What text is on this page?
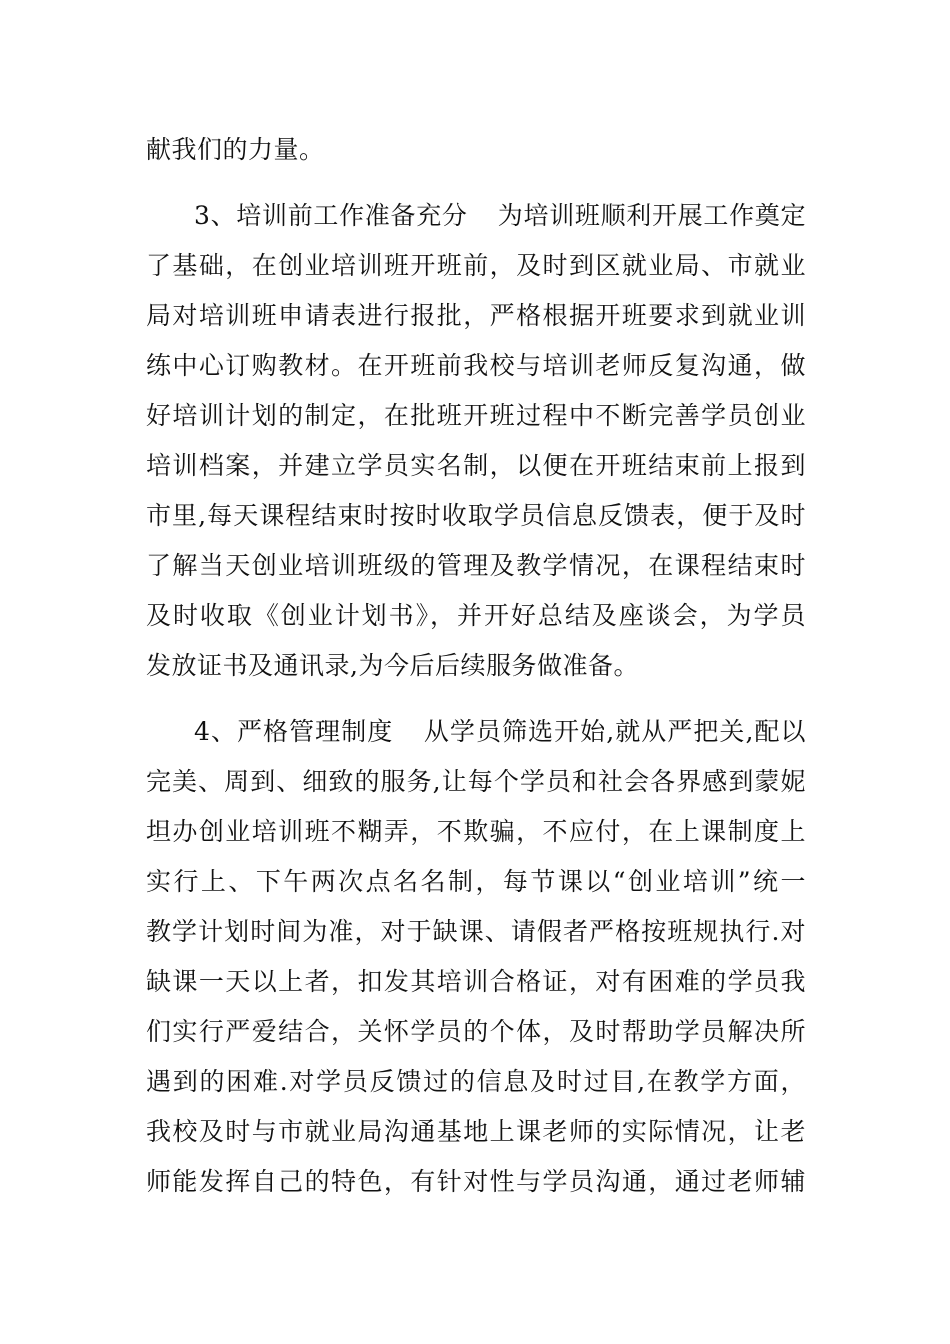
献我们的力量。
3、培训前工作准备充分 为培训班顺利开展工作奠定
了基础，在创业培训班开班前，及时到区就业局、市就业
局对培训班申请表进行报批，严格根据开班要求到就业训
练中心订购教材。在开班前我校与培训老师反复沟通，做
好培训计划的制定，在批班开班过程中不断完善学员创业
培训档案，并建立学员实名制，以便在开班结束前上报到
市里,每天课程结束时按时收取学员信息反馈表，便于及时
了解当天创业培训班级的管理及教学情况，在课程结束时
及时收取《创业计划书》，并开好总结及座谈会，为学员
发放证书及通讯录,为今后后续服务做准备。
4、严格管理制度 从学员筛选开始,就从严把关,配以
完美、周到、细致的服务,让每个学员和社会各界感到蒙妮
坦办创业培训班不糊弄，不欺骗，不应付，在上课制度上
实行上、下午两次点名名制，每节课以“创业培训”统一
教学计划时间为准，对于缺课、请假者严格按班规执行.对
缺课一天以上者，扣发其培训合格证，对有困难的学员我
们实行严爱结合，关怀学员的个体，及时帮助学员解决所
遇到的困难.对学员反馈过的信息及时过目,在教学方面，
我校及时与市就业局沟通基地上课老师的实际情况，让老
师能发挥自己的特色，有针对性与学员沟通，通过老师辅
